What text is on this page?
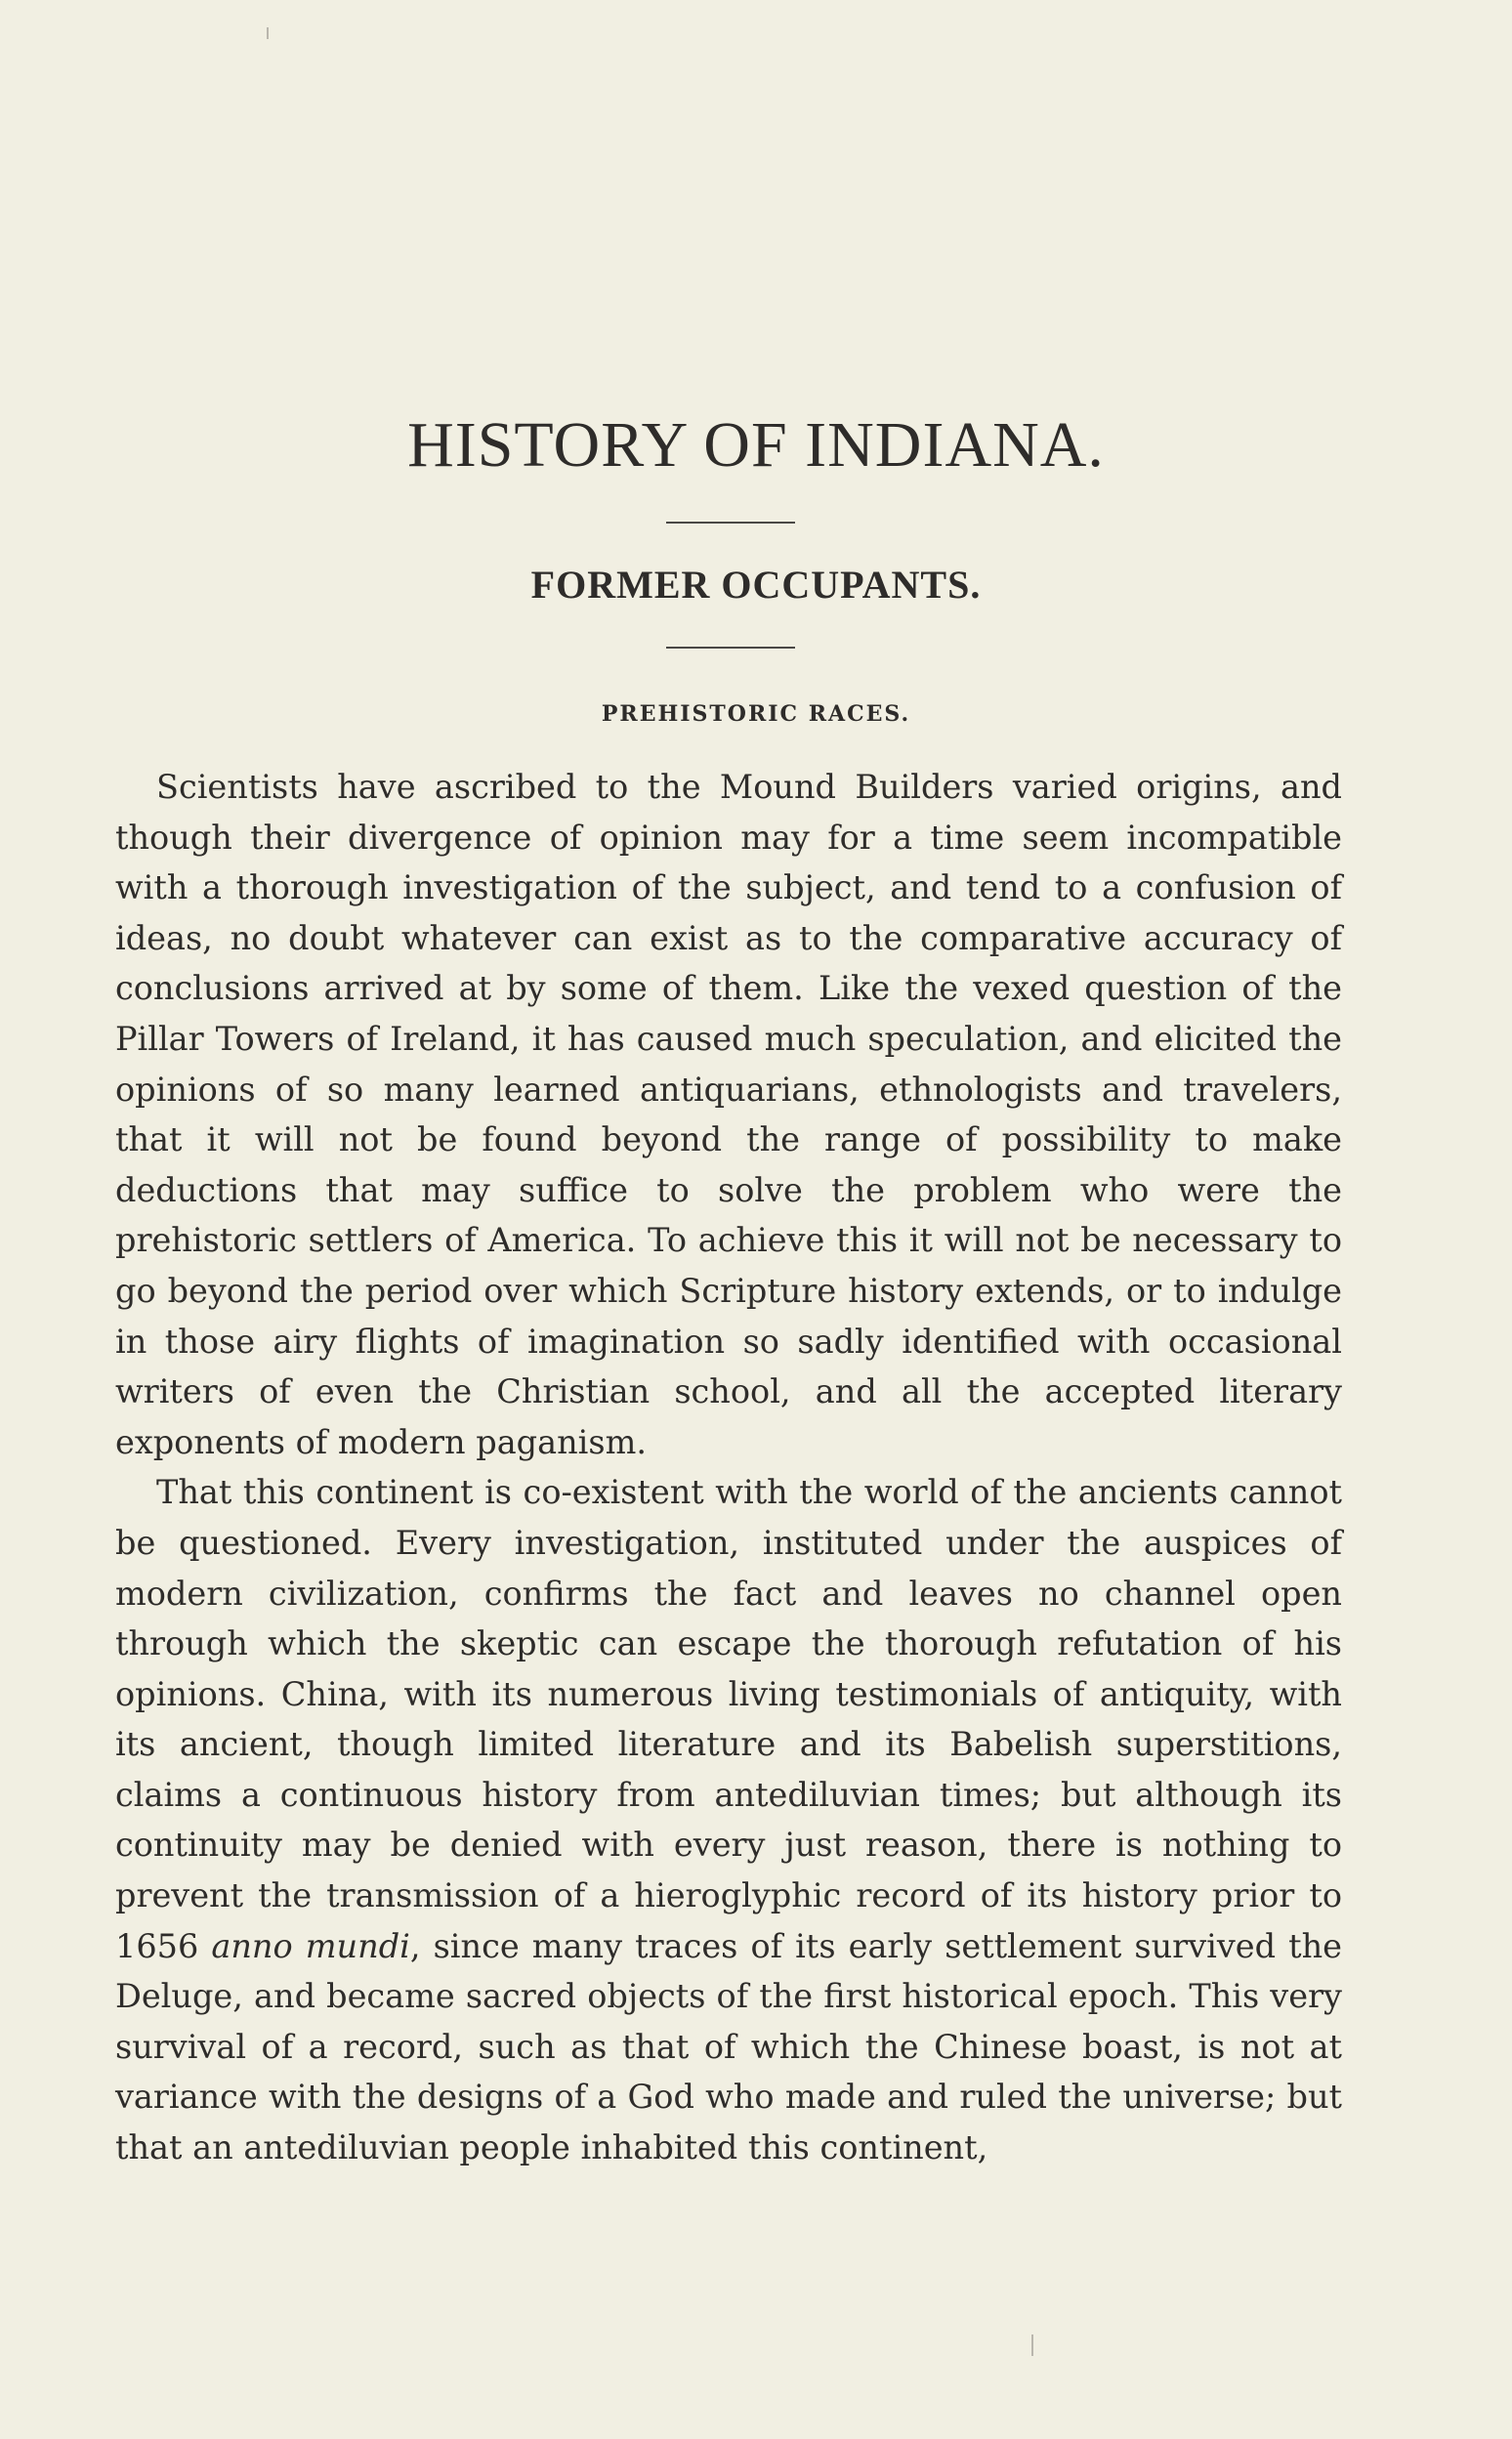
HISTORY OF INDIANA.
FORMER OCCUPANTS.
PREHISTORIC RACES.

Scientists have ascribed to the Mound Builders varied origins, and though their divergence of opinion may for a time seem incompatible with a thorough investigation of the subject, and tend to a confusion of ideas, no doubt whatever can exist as to the comparative accuracy of conclusions arrived at by some of them. Like the vexed question of the Pillar Towers of Ireland, it has caused much speculation, and elicited the opinions of so many learned antiquarians, ethnologists and travelers, that it will not be found beyond the range of possibility to make deductions that may suffice to solve the problem who were the prehistoric settlers of America. To achieve this it will not be necessary to go beyond the period over which Scripture history extends, or to indulge in those airy flights of imagination so sadly identified with occasional writers of even the Christian school, and all the accepted literary exponents of modern paganism.

That this continent is co-existent with the world of the ancients cannot be questioned. Every investigation, instituted under the auspices of modern civilization, confirms the fact and leaves no channel open through which the skeptic can escape the thorough refutation of his opinions. China, with its numerous living testimonials of antiquity, with its ancient, though limited literature and its Babelish superstitions, claims a continuous history from antediluvian times; but although its continuity may be denied with every just reason, there is nothing to prevent the transmission of a hieroglyphic record of its history prior to 1656 anno mundi, since many traces of its early settlement survived the Deluge, and became sacred objects of the first historical epoch. This very survival of a record, such as that of which the Chinese boast, is not at variance with the designs of a God who made and ruled the universe; but that an antediluvian people inhabited this continent,
